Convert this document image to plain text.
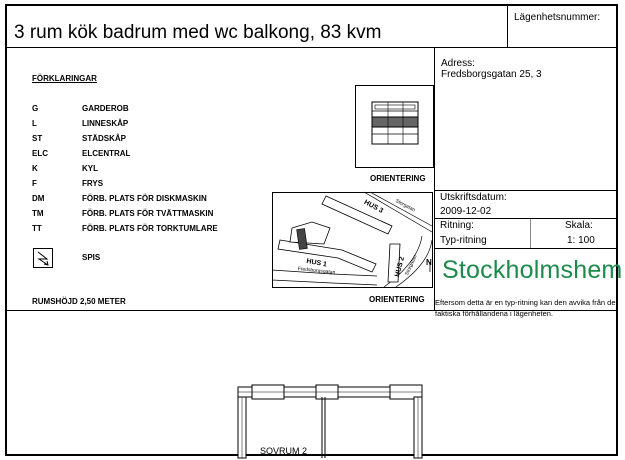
3 rum kök badrum med wc balkong, 83 kvm
Lägenhetsnummer:
FÖRKLARINGAR
G	GARDEROB
L	LINNESKÅP
ST	STÄDSKÅP
ELC	ELCENTRAL
K	KYL
F	FRYS
DM	FÖRB. PLATS FÖR DISKMASKIN
TM	FÖRB. PLATS FÖR TVÄTTMASKIN
TT	FÖRB. PLATS FÖR TORKTUMLARE
SPIS
RUMSHÖJD 2,50 METER
ORIENTERING
HUS 3
HUS 1	HUS 2
Fredsborgsgatan
Storgatan
Storgatan N
ORIENTERING
Adress:
Fredsborgsgatan 25, 3
Utskriftsdatum:
2009-12-02
Ritning:
Typ-ritning
Skala:
1: 100
Stockholmshem
Eftersom detta är en typ-ritning kan den avvika från de faktiska förhållandena i lägenheten.
SOVRUM 2
